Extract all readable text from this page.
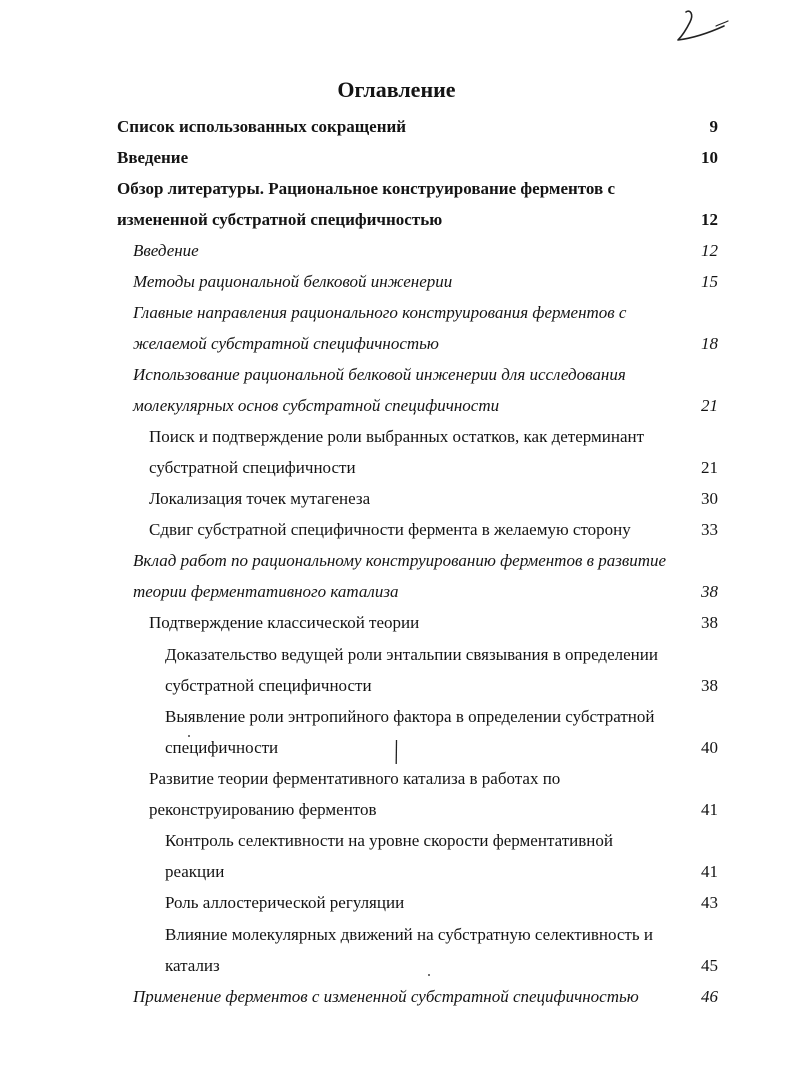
Оглавление
Список использованных сокращений	9
Введение	10
Обзор литературы. Рациональное конструирование ферментов с
измененной субстратной специфичностью	12
Введение	12
Методы рациональной белковой инженерии	15
Главные направления рационального конструирования ферментов с
желаемой субстратной специфичностью	18
Использование рациональной белковой инженерии для исследования
молекулярных основ субстратной специфичности	21
Поиск и подтверждение роли выбранных остатков, как детерминант
субстратной специфичности	21
Локализация точек мутагенеза	30
Сдвиг субстратной специфичности фермента в желаемую сторону	33
Вклад работ по рациональному конструированию ферментов в развитие
теории ферментативного катализа	38
Подтверждение классической теории	38
Доказательство ведущей роли энтальпии связывания в определении
субстратной специфичности	38
Выявление роли энтропийного фактора в определении субстратной
специфичности	40
Развитие теории ферментативного катализа в работах по
реконструированию ферментов	41
Контроль селективности на уровне скорости ферментативной
реакции	41
Роль аллостерической регуляции	43
Влияние молекулярных движений на субстратную селективность и
катализ	45
Применение ферментов с измененной субстратной специфичностью	46
